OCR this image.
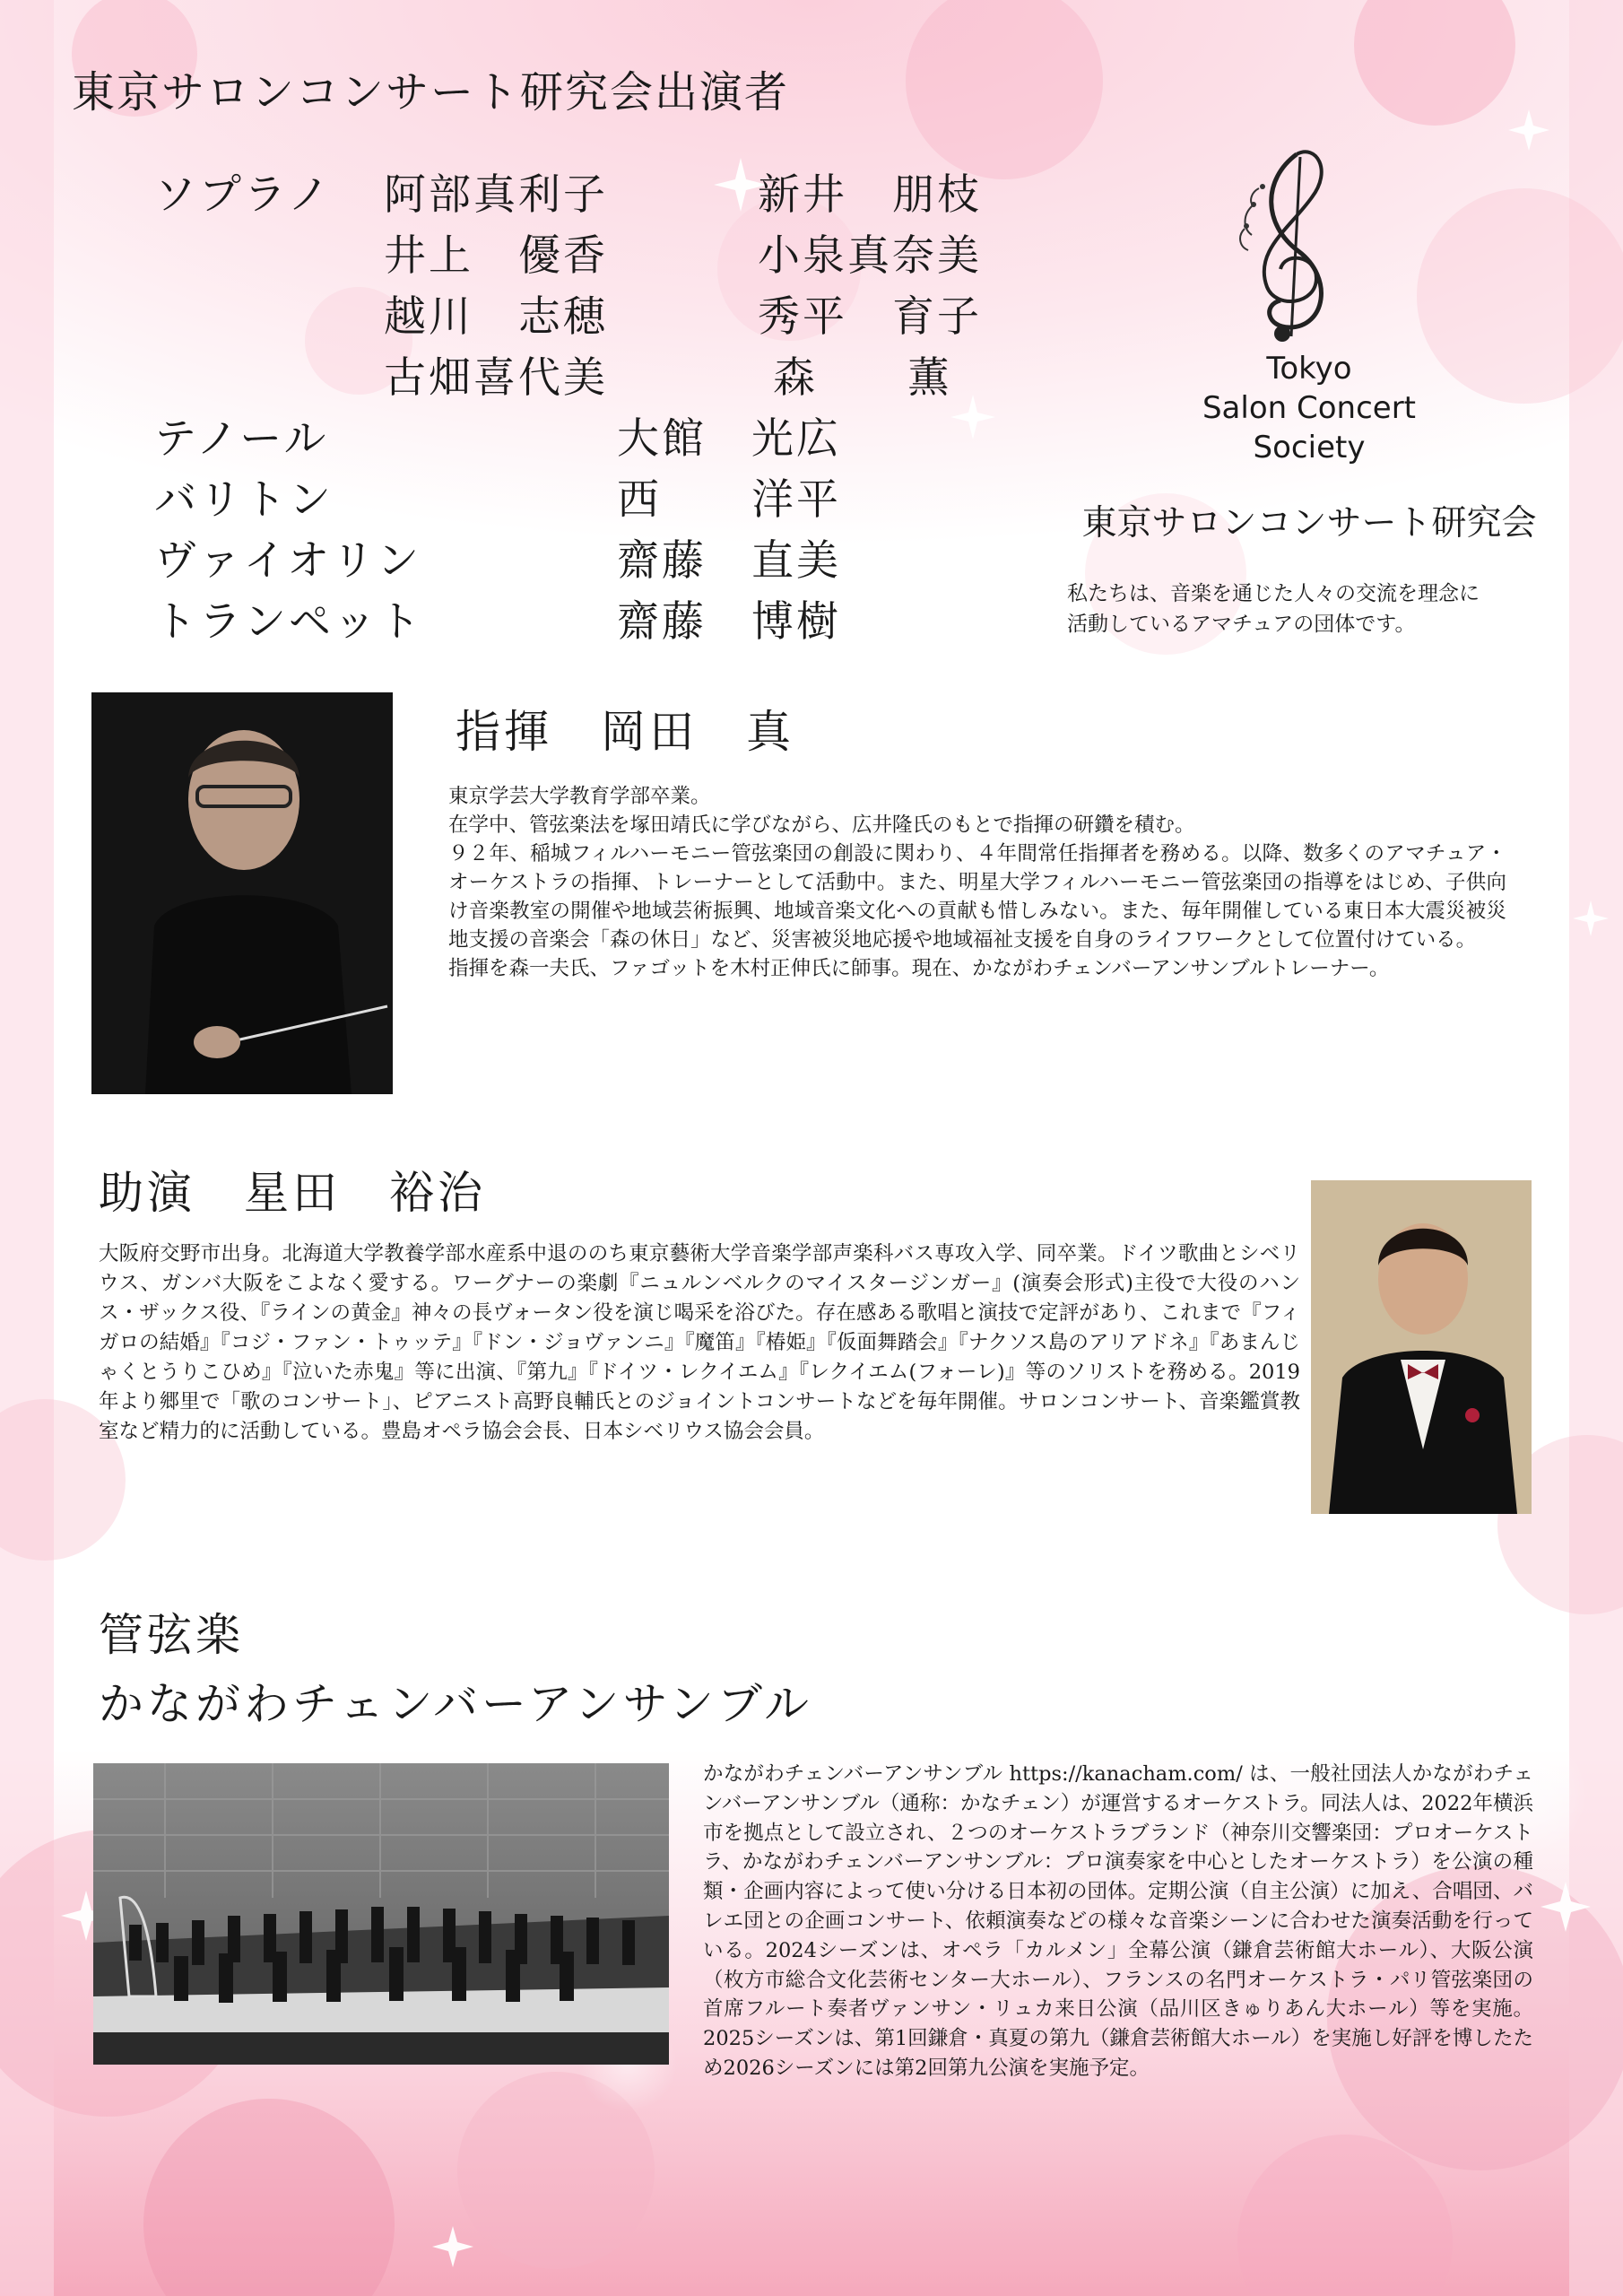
東京サロンコンサート研究会出演者
ソプラノ 阿部真利子	新井　朋枝
井上　優香	小泉真奈美
越川　志穂	秀平　育子
古畑喜代美	森　　薫
テノール	大館　光広
バリトン	西　　洋平
ヴァイオリン	齋藤　直美
トランペット	齋藤　博樹
Tokyo
Salon Concert
Society
東京サロンコンサート研究会
私たちは、音楽を通じた人々の交流を理念に
活動しているアマチュアの団体です。
指揮　岡田　真

東京学芸大学教育学部卒業。

在学中、管弦楽法を塚田靖氏に学びながら、広井隆氏のもとで指揮の研鑽を積む。

９２年、稲城フィルハーモニー管弦楽団の創設に関わり、４年間常任指揮者を務める。以降、数多くのアマチュア・オーケストラの指揮、トレーナーとして活動中。また、明星大学フィルハーモニー管弦楽団の指導をはじめ、子供向け音楽教室の開催や地域芸術振興、地域音楽文化への貢献も惜しみない。また、毎年開催している東日本大震災被災地支援の音楽会「森の休日」など、災害被災地応援や地域福祉支援を自身のライフワークとして位置付けている。

指揮を森一夫氏、ファゴットを木村正伸氏に師事。現在、かながわチェンバーアンサンブルトレーナー。

助演　星田　裕治
大阪府交野市出身。北海道大学教養学部水産系中退ののち東京藝術大学音楽学部声楽科バス専攻入学、同卒業。ドイツ歌曲とシベリウス、ガンバ大阪をこよなく愛する。ワーグナーの楽劇『ニュルンベルクのマイスタージンガー』(演奏会形式)主役で大役のハンス・ザックス役、『ラインの黄金』神々の長ヴォータン役を演じ喝采を浴びた。存在感ある歌唱と演技で定評があり、これまで『フィガロの結婚』『コジ・ファン・トゥッテ』『ドン・ジョヴァンニ』『魔笛』『椿姫』『仮面舞踏会』『ナクソス島のアリアドネ』『あまんじゃくとうりこひめ』『泣いた赤鬼』等に出演、『第九』『ドイツ・レクイエム』『レクイエム(フォーレ)』等のソリストを務める。2019年より郷里で「歌のコンサート」、ピアニスト高野良輔氏とのジョイントコンサートなどを毎年開催。サロンコンサート、音楽鑑賞教室など精力的に活動している。豊島オペラ協会会長、日本シベリウス協会会員。
管弦楽
かながわチェンバーアンサンブル
かながわチェンバーアンサンブル https://kanacham.com/ は、一般社団法人かながわチェンバーアンサンブル（通称：かなチェン）が運営するオーケストラ。同法人は、2022年横浜市を拠点として設立され、２つのオーケストラブランド（神奈川交響楽団：プロオーケストラ、かながわチェンバーアンサンブル：プロ演奏家を中心としたオーケストラ）を公演の種類・企画内容によって使い分ける日本初の団体。定期公演（自主公演）に加え、合唱団、バレエ団との企画コンサート、依頼演奏などの様々な音楽シーンに合わせた演奏活動を行っている。2024シーズンは、オペラ「カルメン」全幕公演（鎌倉芸術館大ホール）、大阪公演（枚方市総合文化芸術センター大ホール）、フランスの名門オーケストラ・パリ管弦楽団の首席フルート奏者ヴァンサン・リュカ来日公演（品川区きゅりあん大ホール）等を実施。2025シーズンは、第1回鎌倉・真夏の第九（鎌倉芸術館大ホール）を実施し好評を博したため2026シーズンには第2回第九公演を実施予定。
